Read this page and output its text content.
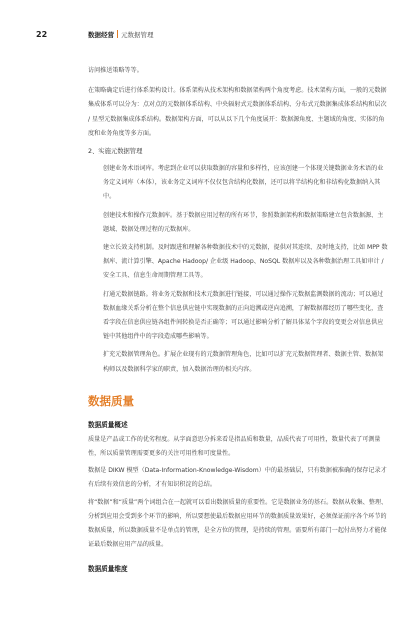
22	数据经营 元数据管理

访问推送策略等等。

在策略确定后进行体系架构设计。体系架构从技术架构和数据架构两个角度考虑。技术架构方面，一般的元数据集成体系可以分为：点对点的元数据体系结构、中央辐射式元数据体系结构、分布式元数据集成体系结构和层次 / 星型元数据集成体系结构。数据架构方面，可以从以下几个角度展开：数据源角度、主题域的角度、实体的角度和业务角度等多方面。

2、实施元数据管理

创建业务术语词库。考虑到企业可以获取数据的容量和多样性，应该创建一个体现关键数据业务术语的业务定义词库（本体），该业务定义词库不仅仅包含结构化数据，还可以将半结构化和非结构化数据纳入其中。

创建技术和操作元数据库。基于数据应用过程的所有环节，参照数据架构和数据策略建立包含数据源、主题域、数据处理过程的元数据库。

建立长效支持机制。及时跟进和理解各种数据技术中的元数据，提供对其连续、及时地支持，比如 MPP 数据库、流计算引擎、Apache Hadoop/ 企业级 Hadoop、NoSQL 数据库以及各种数据治理工具如审计 / 安全工具、信息生命周期管理工具等。

打通元数据链路。将业务元数据和技术元数据进行链接，可以通过操作元数据监测数据的流动；可以通过数据血缘关系分析在整个信息供应链中实现数据的正向追溯或逆向追溯，了解数据都经历了哪些变化，查看字段在信息供应链各组件间转换是否正确等；可以通过影响分析了解具体某个字段的变更会对信息供应链中其他组件中的字段造成哪些影响等。

扩充元数据管理角色。扩展企业现有的元数据管理角色，比如可以扩充元数据管理者、数据主管、数据架构师以及数据科学家的职责，加入数据治理的相关内容。

数据质量
数据质量概述

质量是产品或工作的优劣程度。从字面意思分拆来看是指品质和数量，品质代表了可用性，数量代表了可测量性，所以质量管理需要更多的关注可用性和可度量性。

数据是 DIKW 模型（Data-Information-Knowledge-Wisdom）中的最基础层，只有数据被准确的保存记录才有后续有效信息的分析，才有知识积淀的总结。

将“数据”和“质量”两个词组合在一起就可以看出数据质量的重要性。它是数据业务的基石。数据从收集、整理、分析到应用会受到多个环节的影响，所以要想使最后数据应用环节的数据质量效果好，必须保证前序各个环节的数据质量，所以数据质量不是单点的管理，是全方位的管理，是持续的管理。需要所有部门一起付出努力才能保证最后数据应用产品的质量。

数据质量维度
